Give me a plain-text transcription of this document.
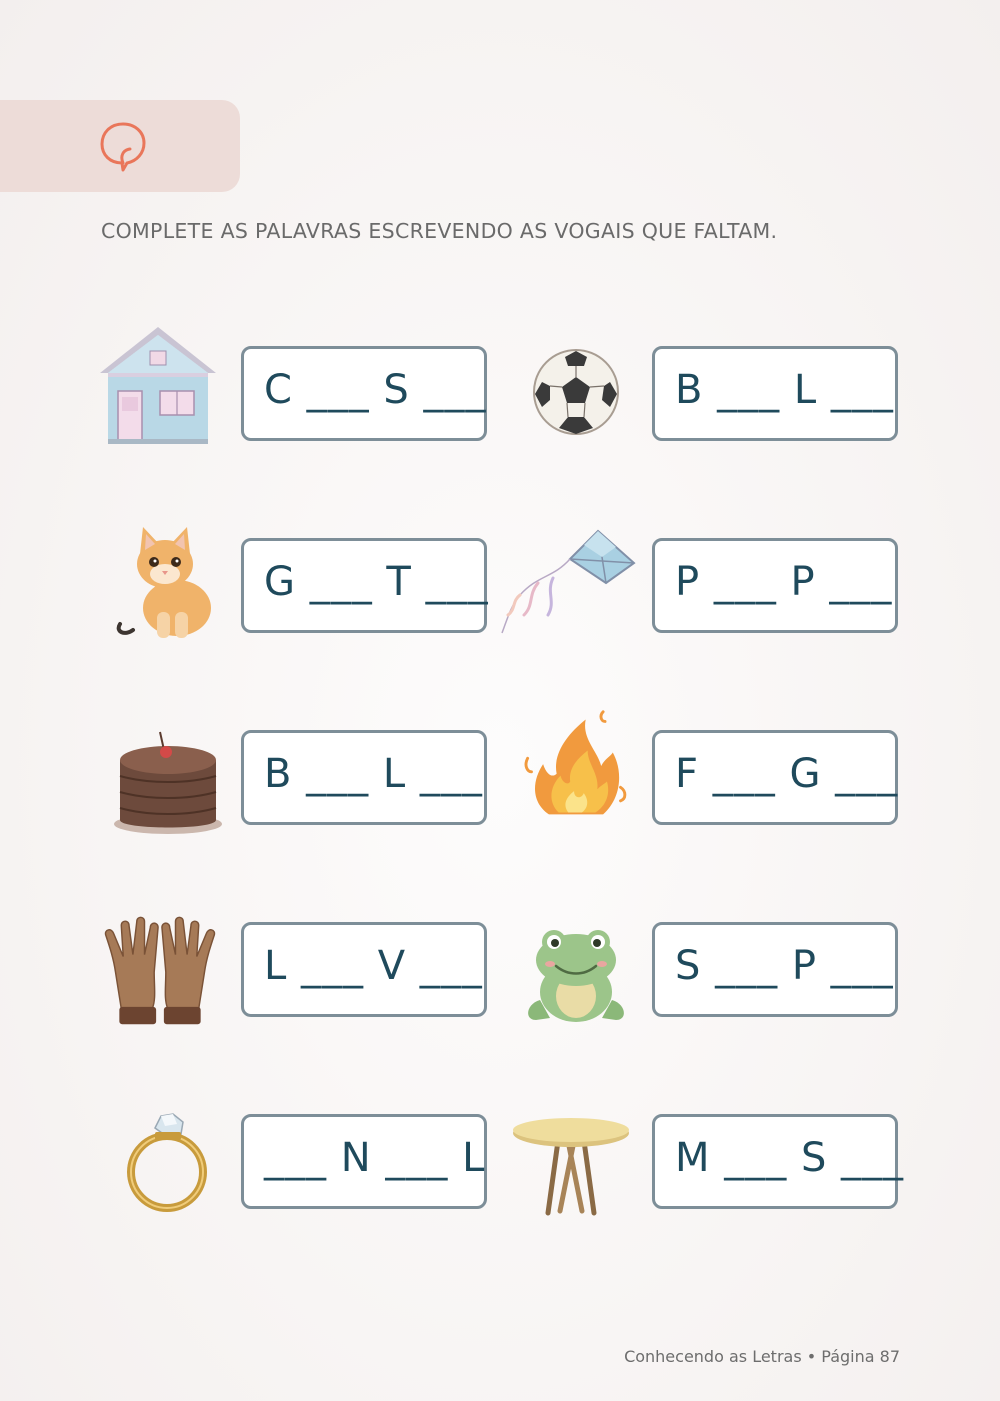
COMPLETE AS PALAVRAS ESCREVENDO AS VOGAIS QUE FALTAM.
C ___ S ___	B ___ L ___
G ___ T ___	P ___ P ___
B ___ L ___	F ___ G ___
L ___ V ___	S ___ P ___
___ N ___ L	M ___ S ___
Conhecendo as Letras • Página 87
